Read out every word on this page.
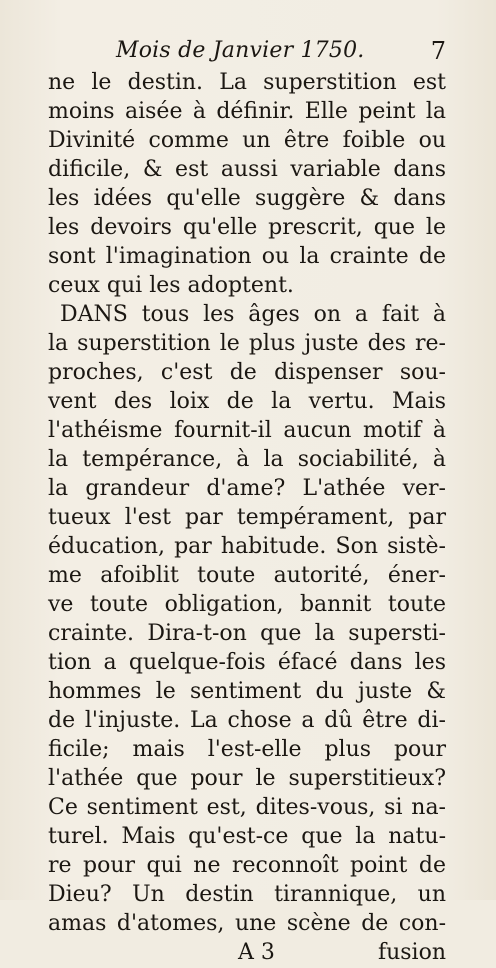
Mois de Janvier 1750.	7
ne le destin. La superstition est
moins aisée à définir. Elle peint la
Divinité comme un être foible ou
dificile, & est aussi variable dans
les idées qu'elle suggère & dans
les devoirs qu'elle prescrit, que le
sont l'imagination ou la crainte de
ceux qui les adoptent.
DANS tous les âges on a fait à
la superstition le plus juste des re-
proches, c'est de dispenser sou-
vent des loix de la vertu. Mais
l'athéisme fournit-il aucun motif à
la tempérance, à la sociabilité, à
la grandeur d'ame? L'athée ver-
tueux l'est par tempérament, par
éducation, par habitude. Son sistè-
me afoiblit toute autorité, éner-
ve toute obligation, bannit toute
crainte. Dira-t-on que la supersti-
tion a quelque-fois éfacé dans les
hommes le sentiment du juste &
de l'injuste. La chose a dû être di-
ficile; mais l'est-elle plus pour
l'athée que pour le superstitieux?
Ce sentiment est, dites-vous, si na-
turel. Mais qu'est-ce que la natu-
re pour qui ne reconnoît point de
Dieu? Un destin tirannique, un
amas d'atomes, une scène de con-
A 3	fusion
